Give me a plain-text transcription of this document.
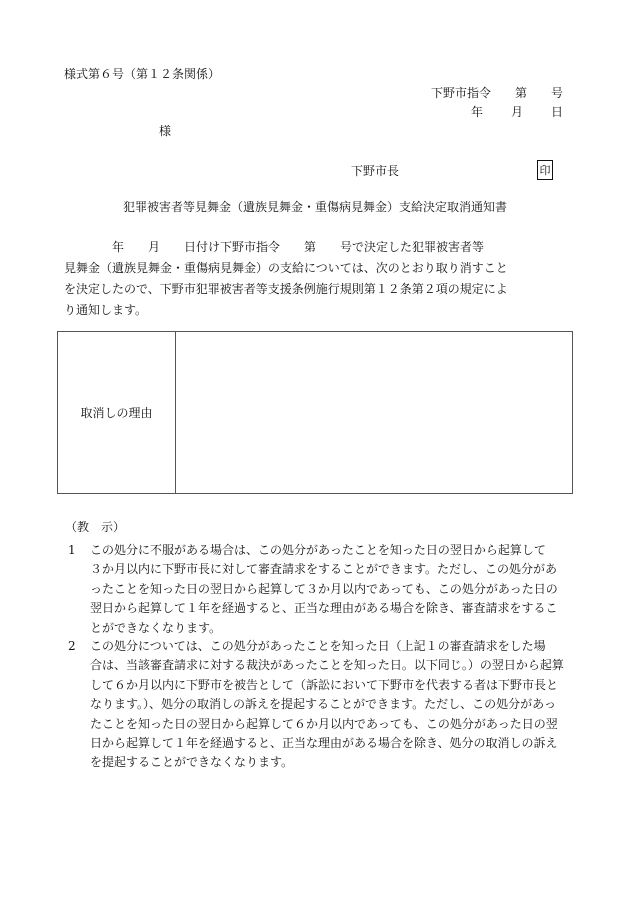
様式第６号（第１２条関係）
下野市指令 第 号
年 月 日
様
下野市長	印
犯罪被害者等見舞金（遺族見舞金・重傷病見舞金）支給決定取消通知書
　　　　年　　月　　日付け下野市指令　　第　　号で決定した犯罪被害者等
見舞金（遺族見舞金・重傷病見舞金）の支給については、次のとおり取り消すこと
を決定したので、下野市犯罪被害者等支援条例施行規則第１２条第２項の規定によ
り通知します。
取消しの理由
（教　示）
1 この処分に不服がある場合は、この処分があったことを知った日の翌日から起算して
３か月以内に下野市長に対して審査請求をすることができます。ただし、この処分があ
ったことを知った日の翌日から起算して３か月以内であっても、この処分があった日の
翌日から起算して１年を経過すると、正当な理由がある場合を除き、審査請求をするこ
とができなくなります。
2 この処分については、この処分があったことを知った日（上記１の審査請求をした場
合は、当該審査請求に対する裁決があったことを知った日。以下同じ。）の翌日から起算
して６か月以内に下野市を被告として（訴訟において下野市を代表する者は下野市長と
なります。）、処分の取消しの訴えを提起することができます。ただし、この処分があっ
たことを知った日の翌日から起算して６か月以内であっても、この処分があった日の翌
日から起算して１年を経過すると、正当な理由がある場合を除き、処分の取消しの訴え
を提起することができなくなります。
